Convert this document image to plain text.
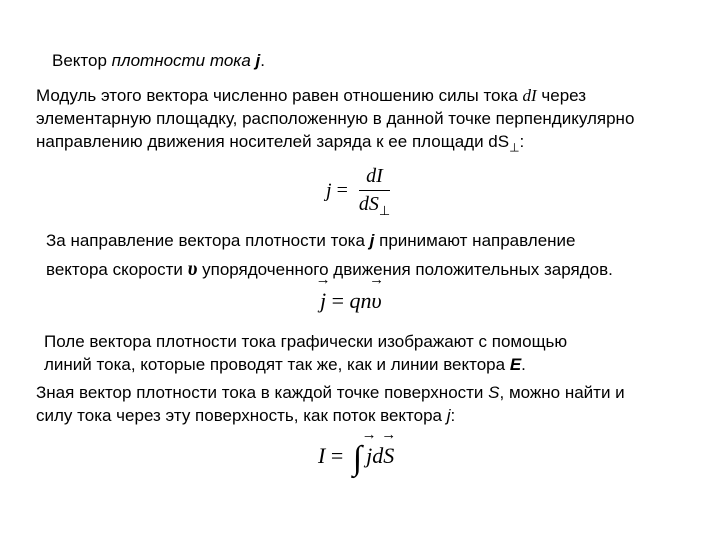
Вектор плотности тока j.
Модуль этого вектора численно равен отношению силы тока dI через
элементарную площадку, расположенную в данной точке перпендикулярно
направлению движения носителей заряда к ее площади $dS_\perp$:
$j = \frac{dI}{dS_\perp}$
За направление вектора плотности тока j принимают направление
вектора скорости υ упорядоченного движения положительных зарядов.
→ j = qn→ υ
Поле вектора плотности тока графически изображают с помощью
линий тока, которые проводят так же, как и линии вектора E.
Зная вектор плотности тока в каждой точке поверхности S, можно найти и
силу тока через эту поверхность, как поток вектора j:
I = ∫→ jd→ S
